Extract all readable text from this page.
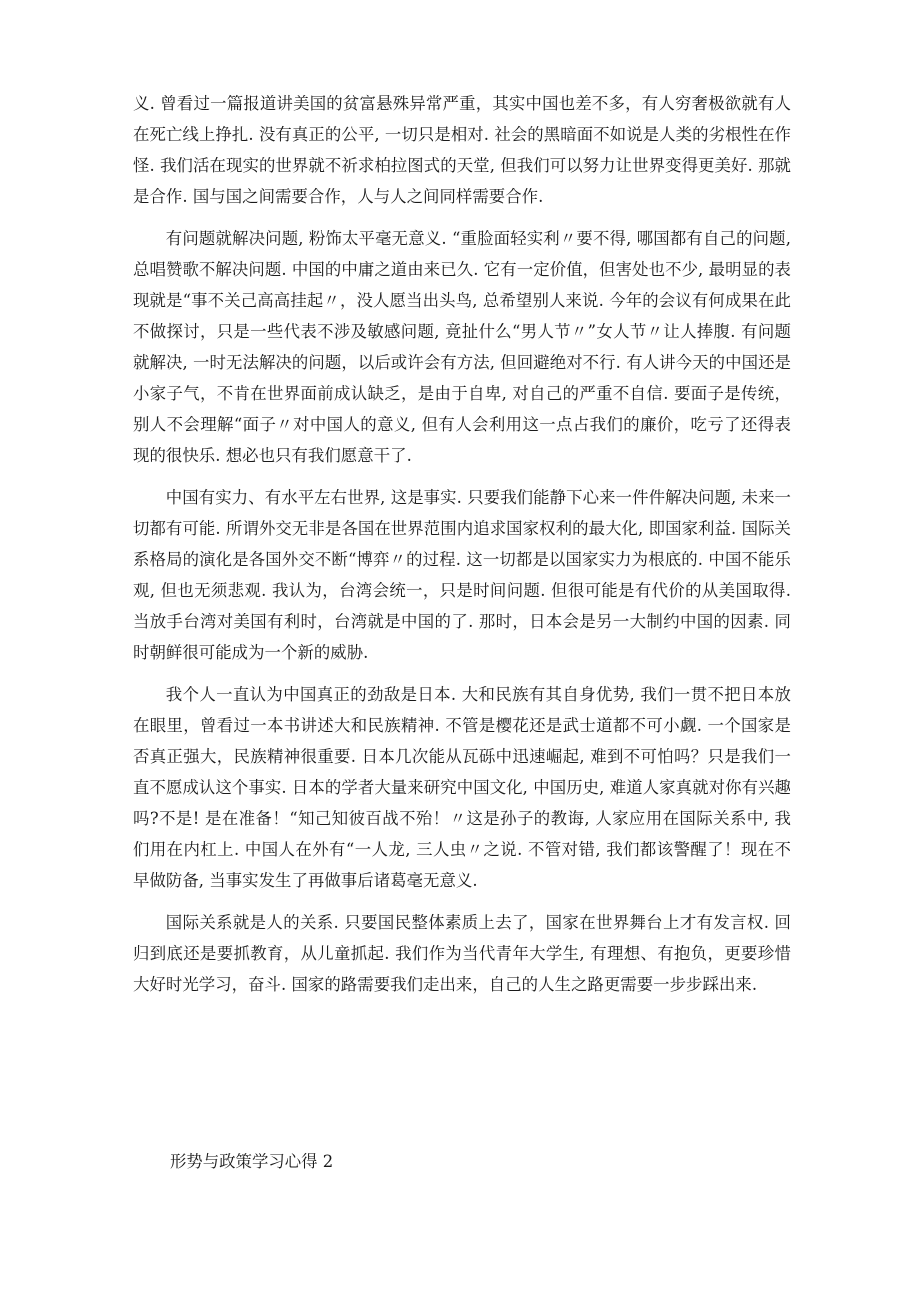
义. 曾看过一篇报道讲美国的贫富悬殊异常严重，其实中国也差不多，有人穷奢极欲就有人在死亡线上挣扎. 没有真正的公平, 一切只是相对. 社会的黑暗面不如说是人类的劣根性在作怪. 我们活在现实的世界就不祈求柏拉图式的天堂, 但我们可以努力让世界变得更美好. 那就是合作. 国与国之间需要合作，人与人之间同样需要合作.

有问题就解决问题, 粉饰太平毫无意义. “重脸面轻实利〃要不得, 哪国都有自己的问题, 总唱赞歌不解决问题. 中国的中庸之道由来已久. 它有一定价值，但害处也不少, 最明显的表现就是“事不关己高高挂起〃，没人愿当出头鸟, 总希望别人来说. 今年的会议有何成果在此不做探讨，只是一些代表不涉及敏感问题, 竟扯什么“男人节〃”女人节〃让人捧腹. 有问题就解决, 一时无法解决的问题，以后或许会有方法, 但回避绝对不行. 有人讲今天的中国还是小家子气，不肯在世界面前成认缺乏，是由于自卑, 对自己的严重不自信. 要面子是传统，别人不会理解“面子〃对中国人的意义, 但有人会利用这一点占我们的廉价，吃亏了还得表现的很快乐. 想必也只有我们愿意干了.

中国有实力、有水平左右世界, 这是事实. 只要我们能静下心来一件件解决问题, 未来一切都有可能. 所谓外交无非是各国在世界范围内追求国家权利的最大化, 即国家利益. 国际关系格局的演化是各国外交不断“博弈〃的过程. 这一切都是以国家实力为根底的. 中国不能乐观, 但也无须悲观. 我认为，台湾会统一，只是时间问题. 但很可能是有代价的从美国取得. 当放手台湾对美国有利时，台湾就是中国的了. 那时，日本会是另一大制约中国的因素. 同时朝鲜很可能成为一个新的威胁.

我个人一直认为中国真正的劲敌是日本. 大和民族有其自身优势, 我们一贯不把日本放在眼里，曾看过一本书讲述大和民族精神. 不管是樱花还是武士道都不可小觑. 一个国家是否真正强大，民族精神很重要. 日本几次能从瓦砾中迅速崛起, 难到不可怕吗？只是我们一直不愿成认这个事实. 日本的学者大量来研究中国文化, 中国历史, 难道人家真就对你有兴趣吗?不是! 是在准备！“知己知彼百战不殆！〃这是孙子的教诲, 人家应用在国际关系中, 我们用在内杠上. 中国人在外有“一人龙, 三人虫〃之说. 不管对错, 我们都该警醒了！现在不早做防备, 当事实发生了再做事后诸葛毫无意义.

国际关系就是人的关系. 只要国民整体素质上去了，国家在世界舞台上才有发言权. 回归到底还是要抓教育，从儿童抓起. 我们作为当代青年大学生, 有理想、有抱负，更要珍惜大好时光学习，奋斗. 国家的路需要我们走出来，自己的人生之路更需要一步步踩出来.

形势与政策学习心得 2
